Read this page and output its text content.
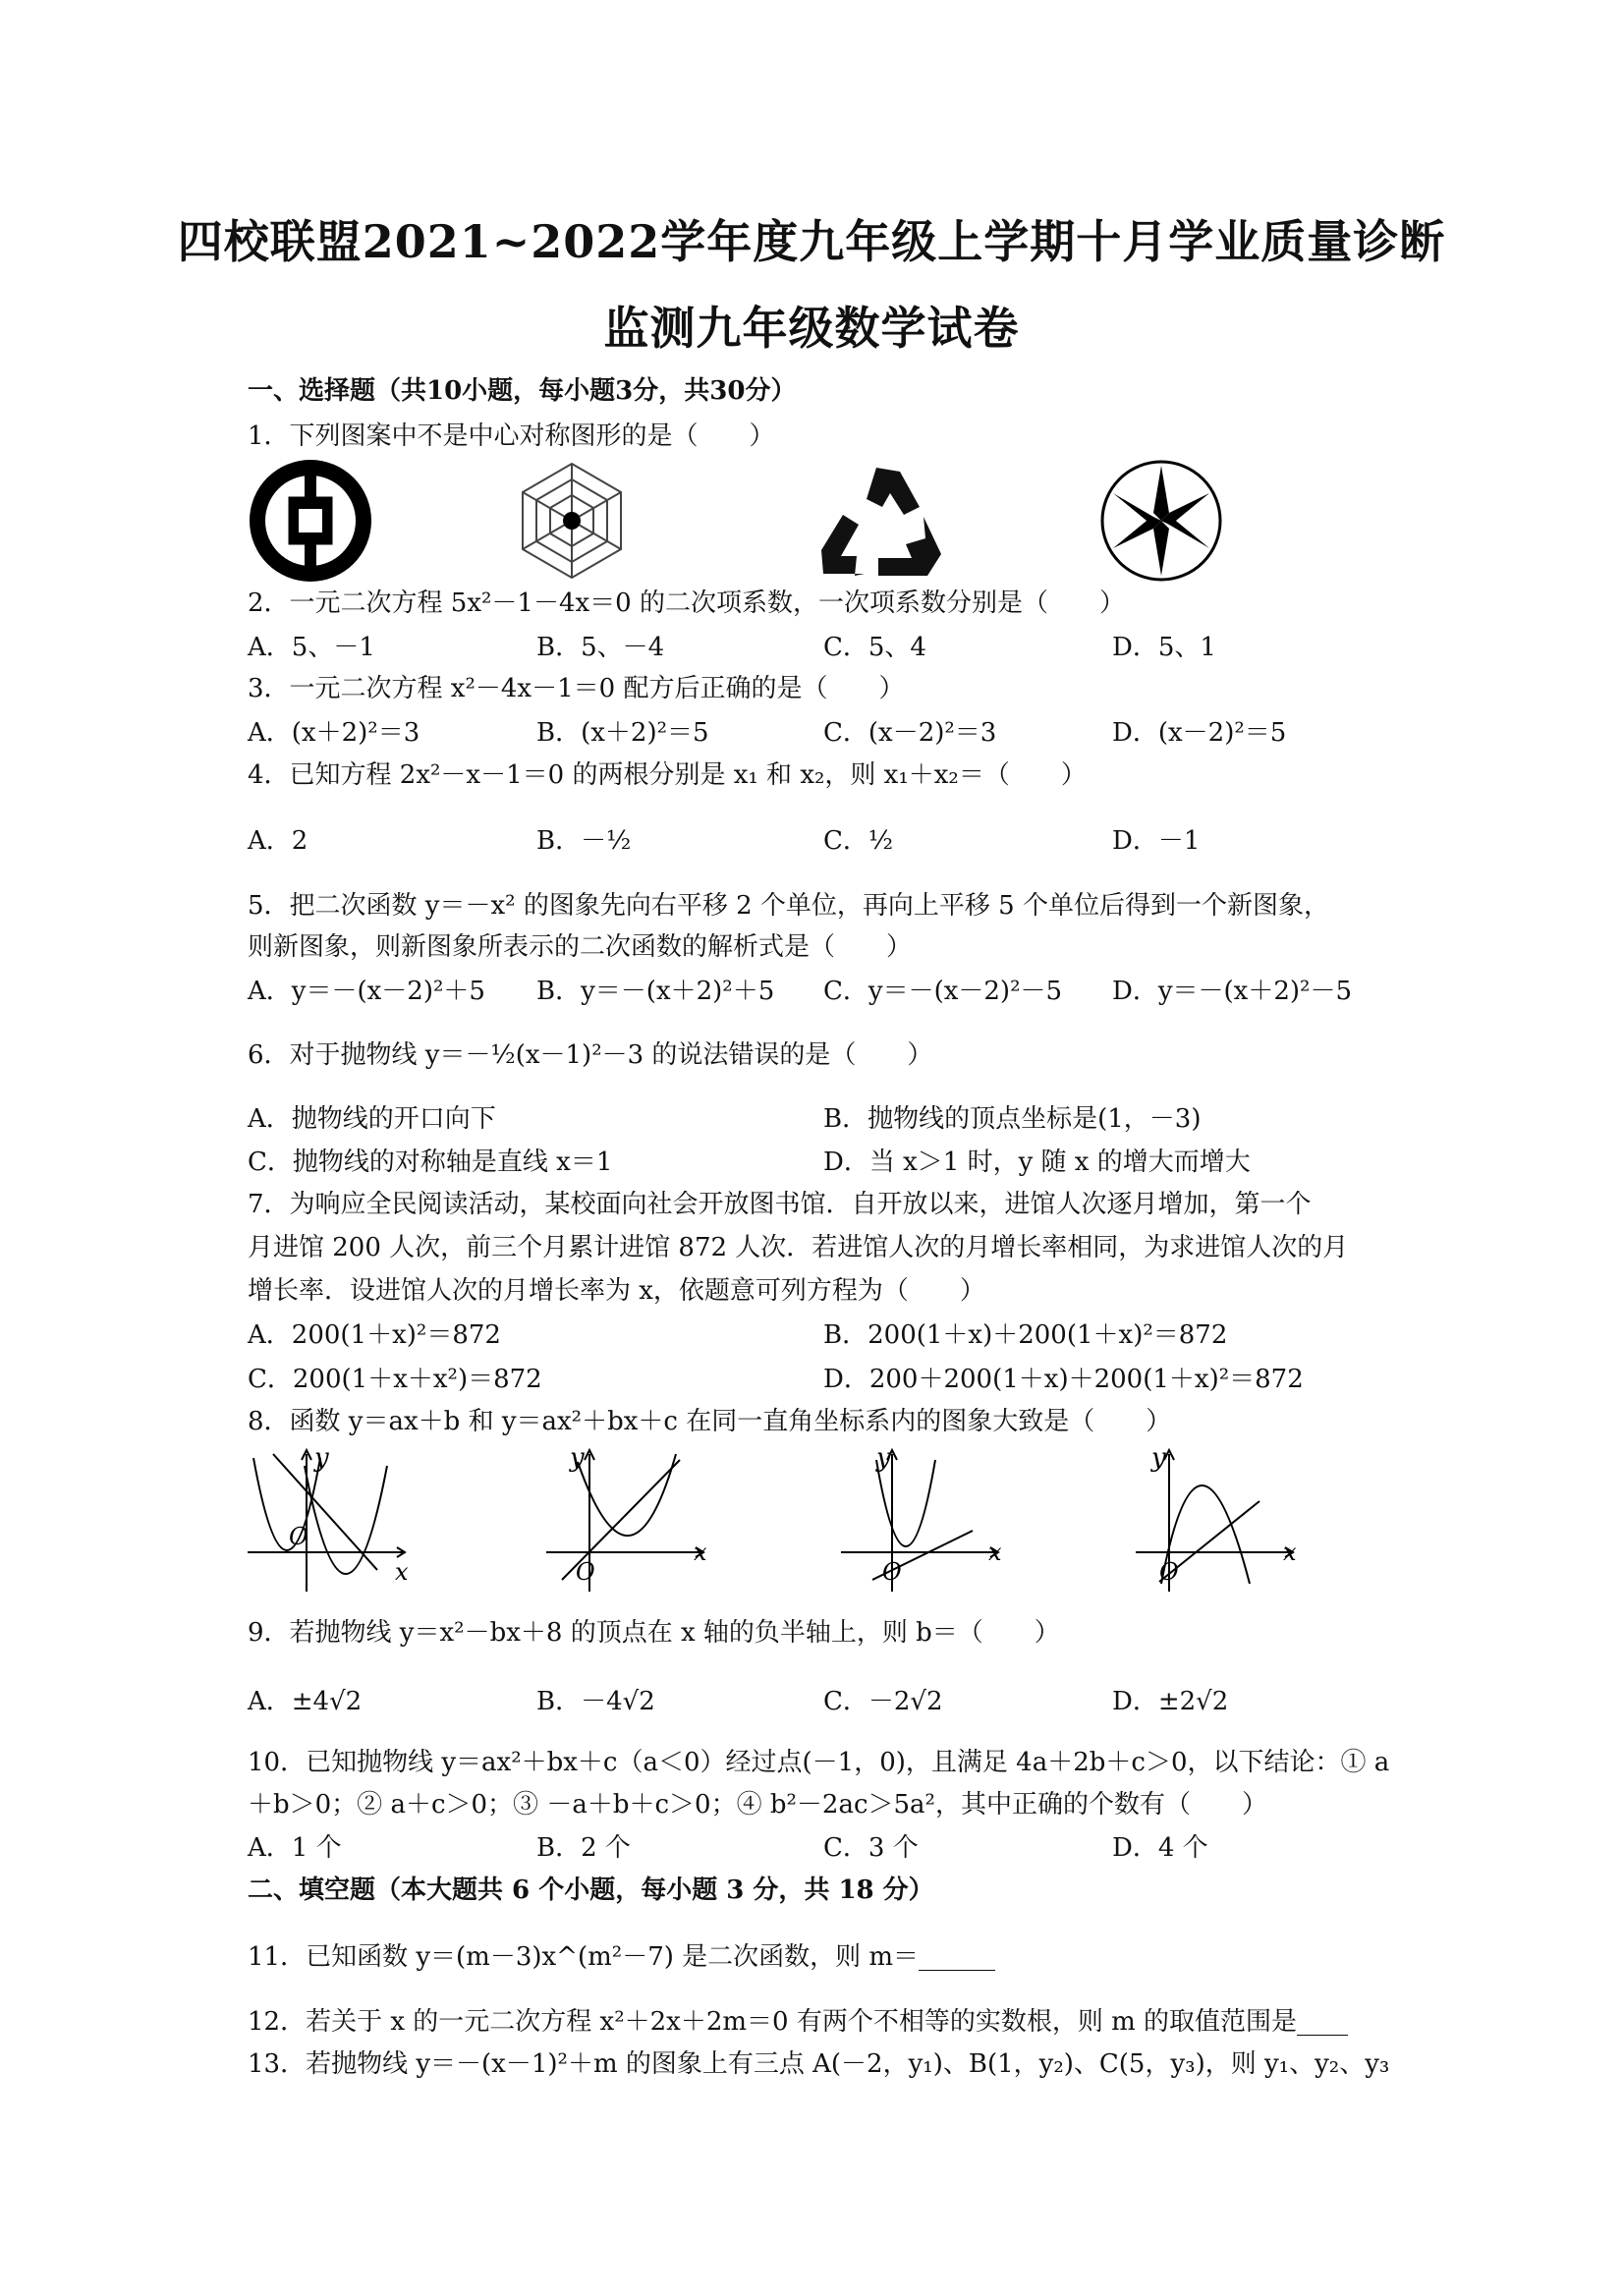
四校联盟2021~2022学年度九年级上学期十月学业质量诊断
监测九年级数学试卷
一、选择题（共10小题，每小题3分，共30分）
1．下列图案中不是中心对称图形的是（　　）
2．一元二次方程 5x²－1－4x＝0 的二次项系数，一次项系数分别是（　　）
A．5、－1	B．5、－4	C．5、4	D．5、1
3．一元二次方程 x²－4x－1＝0 配方后正确的是（　　）
A．(x＋2)²＝3	B．(x＋2)²＝5	C．(x－2)²＝3	D．(x－2)²＝5
4．已知方程 2x²－x－1＝0 的两根分别是 x₁ 和 x₂，则 x₁＋x₂＝（　　）
A．2	B．－½	C．½	D．－1
5．把二次函数 y＝－x² 的图象先向右平移 2 个单位，再向上平移 5 个单位后得到一个新图象，
则新图象，则新图象所表示的二次函数的解析式是（　　）
A．y＝－(x－2)²＋5 B．y＝－(x＋2)²＋5 C．y＝－(x－2)²－5 D．y＝－(x＋2)²－5
6．对于抛物线 y＝－½(x－1)²－3 的说法错误的是（　　）
A．抛物线的开口向下	B．抛物线的顶点坐标是(1，－3)
C．抛物线的对称轴是直线 x＝1	D．当 x＞1 时，y 随 x 的增大而增大
7．为响应全民阅读活动，某校面向社会开放图书馆．自开放以来，进馆人次逐月增加，第一个
月进馆 200 人次，前三个月累计进馆 872 人次．若进馆人次的月增长率相同，为求进馆人次的月
增长率．设进馆人次的月增长率为 x，依题意可列方程为（　　）
A．200(1＋x)²＝872	B．200(1＋x)＋200(1＋x)²＝872
C．200(1＋x＋x²)＝872	D．200＋200(1＋x)＋200(1＋x)²＝872
8．函数 y＝ax＋b 和 y＝ax²＋bx＋c 在同一直角坐标系内的图象大致是（　　）
y
O
x
y
O
x
y
O
x
y
O
x
9．若抛物线 y＝x²－bx＋8 的顶点在 x 轴的负半轴上，则 b＝（　　）
A．±4√2	B．－4√2	C．－2√2	D．±2√2
10．已知抛物线 y＝ax²＋bx＋c（a＜0）经过点(－1，0)，且满足 4a＋2b＋c＞0，以下结论：① a
＋b＞0；② a＋c＞0；③ －a＋b＋c＞0；④ b²－2ac＞5a²，其中正确的个数有（　　）
A．1 个	B．2 个	C．3 个	D．4 个
二、填空题（本大题共 6 个小题，每小题 3 分，共 18 分）
11．已知函数 y＝(m－3)x^(m²－7) 是二次函数，则 m＝______
12．若关于 x 的一元二次方程 x²＋2x＋2m＝0 有两个不相等的实数根，则 m 的取值范围是____
13．若抛物线 y＝－(x－1)²＋m 的图象上有三点 A(－2，y₁)、B(1，y₂)、C(5，y₃)，则 y₁、y₂、y₃
